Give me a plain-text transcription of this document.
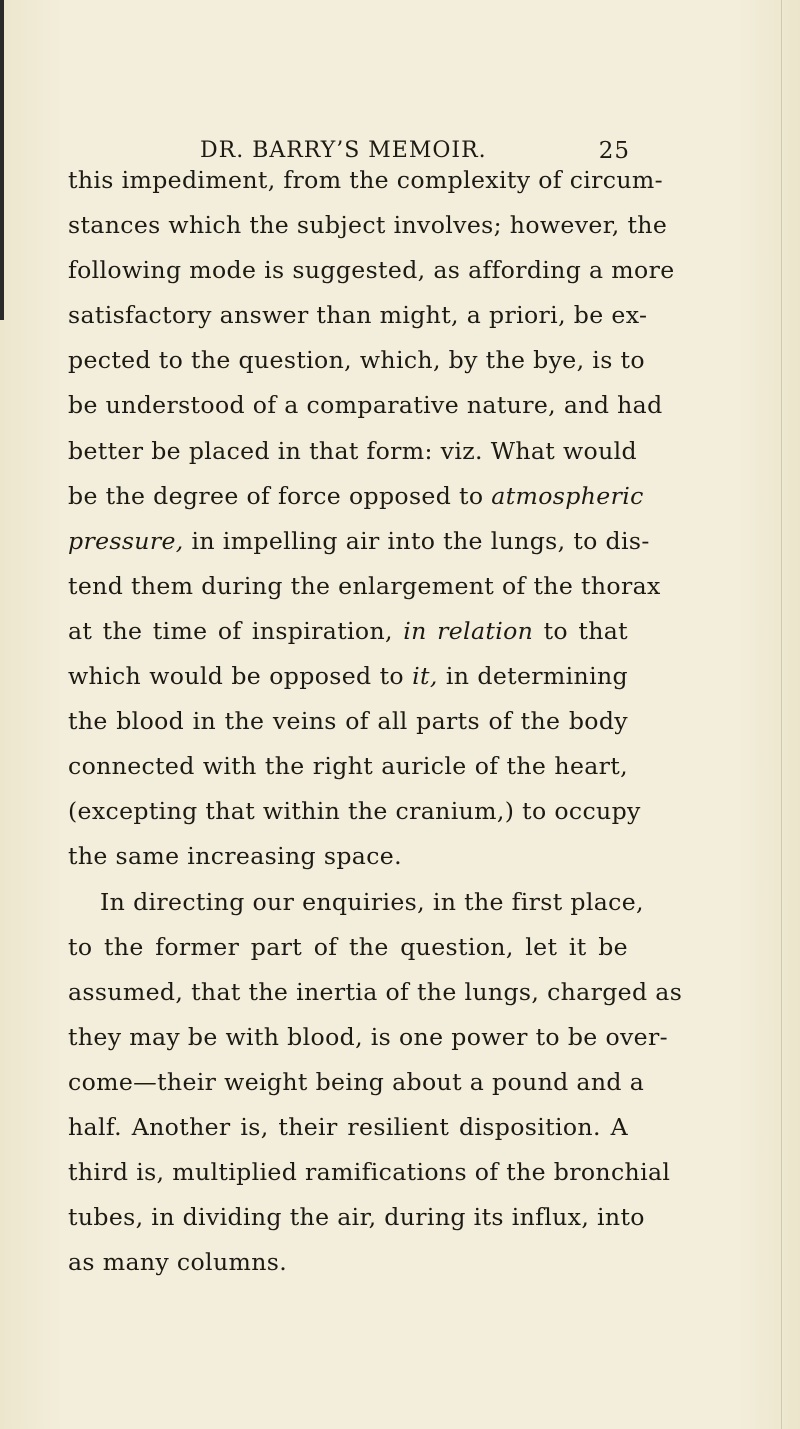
DR. BARRY’S MEMOIR.	25
this impediment, from the complexity of circum-
stances which the subject involves; however, the
following mode is suggested, as affording a more
satisfactory answer than might, a priori, be ex-
pected to the question, which, by the bye, is to
be understood of a comparative nature, and had
better be placed in that form: viz. What would
be the degree of force opposed to atmospheric
pressure, in impelling air into the lungs, to dis-
tend them during the enlargement of the thorax
at the time of inspiration, in relation to that
which would be opposed to it, in determining
the blood in the veins of all parts of the body
connected with the right auricle of the heart,
(excepting that within the cranium,) to occupy
the same increasing space.
In directing our enquiries, in the first place,
to the former part of the question, let it be
assumed, that the inertia of the lungs, charged as
they may be with blood, is one power to be over-
come—their weight being about a pound and a
half. Another is, their resilient disposition. A
third is, multiplied ramifications of the bronchial
tubes, in dividing the air, during its influx, into
as many columns.
